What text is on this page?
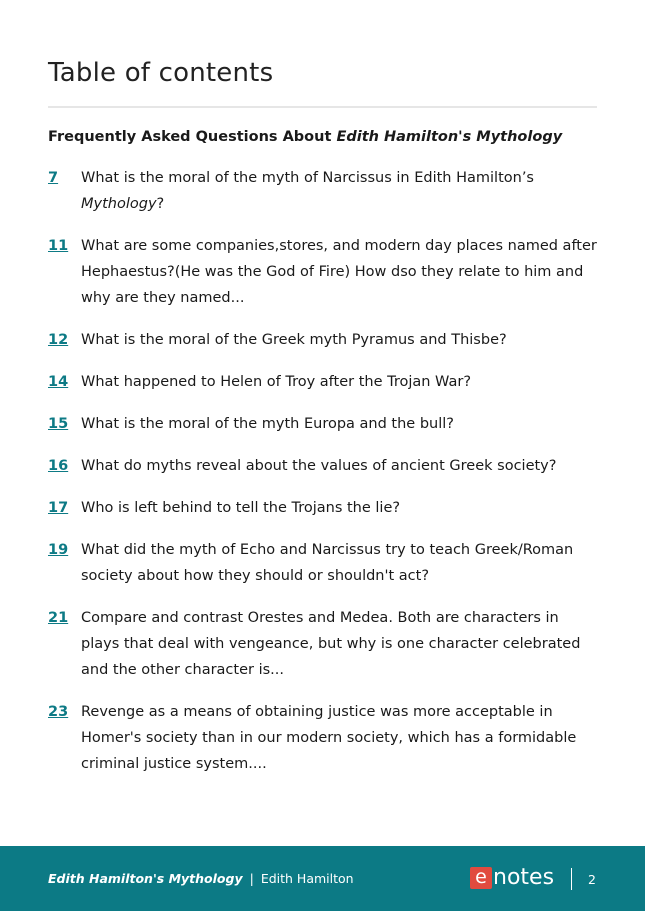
Table of contents
Frequently Asked Questions About Edith Hamilton's Mythology
7	What is the moral of the myth of Narcissus in Edith Hamilton’s Mythology?
11 What are some companies,stores, and modern day places named after Hephaestus?(He was the God of Fire) How dso they relate to him and why are they named...
12 What is the moral of the Greek myth Pyramus and Thisbe?
14 What happened to Helen of Troy after the Trojan War?
15 What is the moral of the myth Europa and the bull?
16 What do myths reveal about the values of ancient Greek society?
17 Who is left behind to tell the Trojans the lie?
19 What did the myth of Echo and Narcissus try to teach Greek/Roman society about how they should or shouldn't act?
21 Compare and contrast Orestes and Medea. Both are characters in plays that deal with vengeance, but why is one character celebrated and the other character is...
23 Revenge as a means of obtaining justice was more acceptable in Homer's society than in our modern society, which has a formidable criminal justice system....
Edith Hamilton's Mythology | Edith Hamilton	e notes	2
